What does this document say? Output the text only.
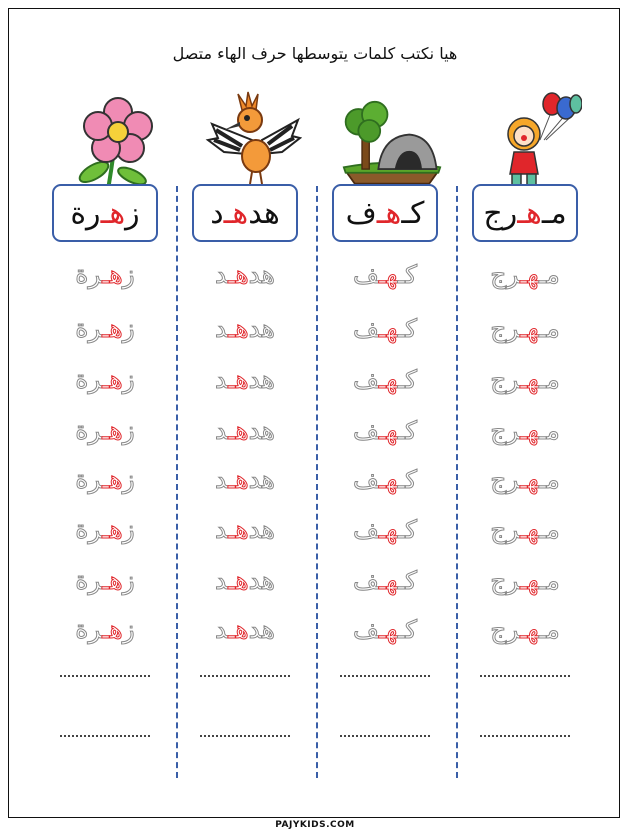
هيا نكتب كلمات يتوسطها حرف الهاء متصل
ز
هـ
رة
زهـرة
زهـرة
زهـرة
زهـرة
زهـرة
زهـرة
زهـرة
زهـرة
هد
هـ
د
هدهـد
هدهـد
هدهـد
هدهـد
هدهـد
هدهـد
هدهـد
هدهـد
كـ
هـ
ف
كـهـف
كـهـف
كـهـف
كـهـف
كـهـف
كـهـف
كـهـف
كـهـف
مـ
هـ
رج
مـهـرج
مـهـرج
مـهـرج
مـهـرج
مـهـرج
مـهـرج
مـهـرج
مـهـرج
PAJYKIDS.COM
